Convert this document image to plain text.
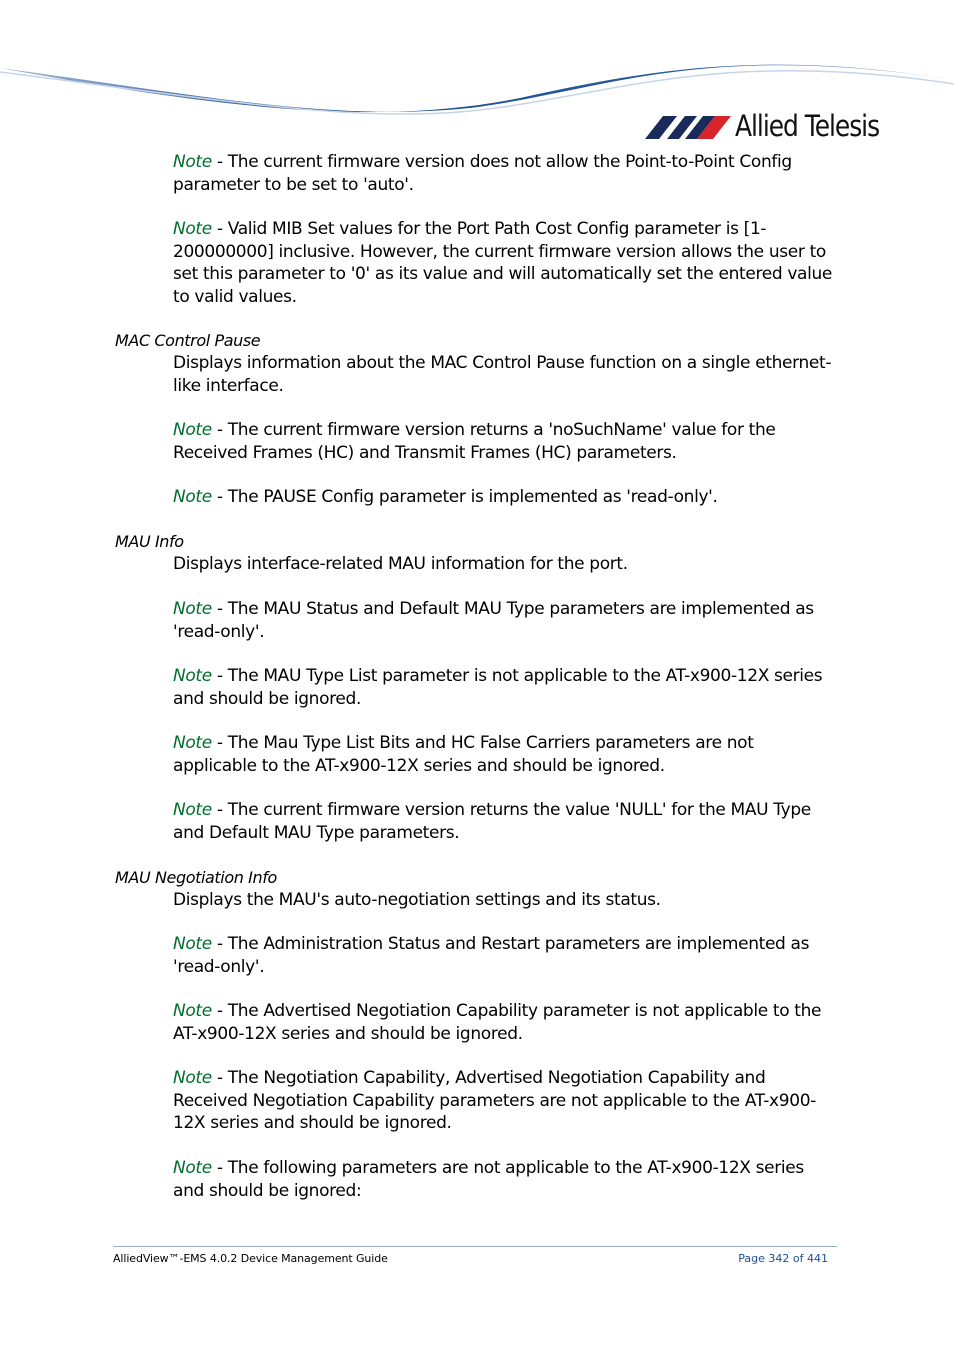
Allied Telesis
Note - The current firmware version does not allow the Point-to-Point Config parameter to be set to 'auto'.
Note - Valid MIB Set values for the Port Path Cost Config parameter is [1-200000000] inclusive. However, the current firmware version allows the user to set this parameter to '0' as its value and will automatically set the entered value to valid values.
MAC Control Pause
Displays information about the MAC Control Pause function on a single ethernet-like interface.
Note - The current firmware version returns a 'noSuchName' value for the Received Frames (HC) and Transmit Frames (HC) parameters.
Note - The PAUSE Config parameter is implemented as 'read-only'.
MAU Info
Displays interface-related MAU information for the port.
Note - The MAU Status and Default MAU Type parameters are implemented as 'read-only'.
Note - The MAU Type List parameter is not applicable to the AT-x900-12X series and should be ignored.
Note - The Mau Type List Bits and HC False Carriers parameters are not applicable to the AT-x900-12X series and should be ignored.
Note - The current firmware version returns the value 'NULL' for the MAU Type and Default MAU Type parameters.
MAU Negotiation Info
Displays the MAU's auto-negotiation settings and its status.
Note - The Administration Status and Restart parameters are implemented as 'read-only'.
Note - The Advertised Negotiation Capability parameter is not applicable to the AT-x900-12X series and should be ignored.
Note - The Negotiation Capability, Advertised Negotiation Capability and Received Negotiation Capability parameters are not applicable to the AT-x900-12X series and should be ignored.
Note - The following parameters are not applicable to the AT-x900-12X series and should be ignored:
AlliedView™-EMS 4.0.2 Device Management Guide	Page 342 of 441
